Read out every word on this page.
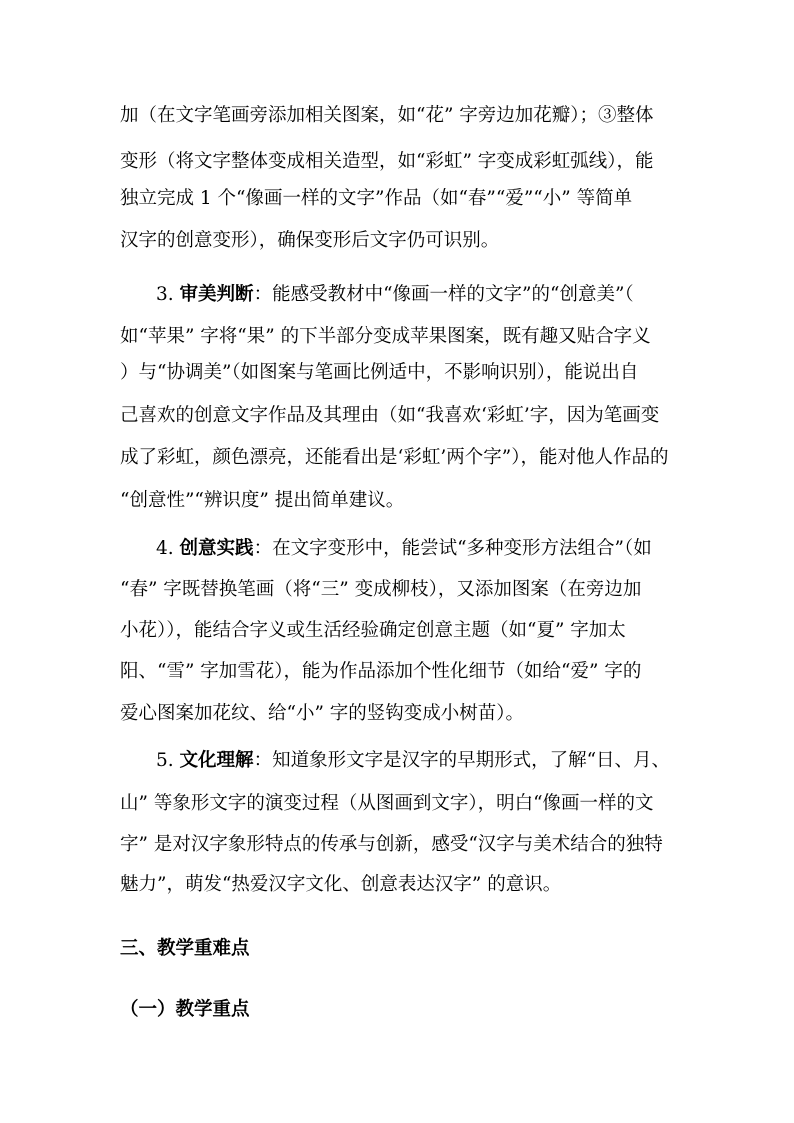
加（在文字笔画旁添加相关图案，如“花” 字旁边加花瓣）；③整体
变形（将文字整体变成相关造型，如“彩虹” 字变成彩虹弧线），能
独立完成 1 个“像画一样的文字”作品（如“春”“爱”“小” 等简单
汉字的创意变形），确保变形后文字仍可识别。
3. 审美判断：能感受教材中“像画一样的文字”的“创意美”（
如“苹果” 字将“果” 的下半部分变成苹果图案，既有趣又贴合字义
）与“协调美”（如图案与笔画比例适中，不影响识别），能说出自
己喜欢的创意文字作品及其理由（如“我喜欢‘彩虹’字，因为笔画变
成了彩虹，颜色漂亮，还能看出是‘彩虹’两个字”），能对他人作品的
“创意性”“辨识度” 提出简单建议。
4. 创意实践：在文字变形中，能尝试“多种变形方法组合”（如
“春” 字既替换笔画（将“三” 变成柳枝），又添加图案（在旁边加
小花）），能结合字义或生活经验确定创意主题（如“夏” 字加太
阳、“雪” 字加雪花），能为作品添加个性化细节（如给“爱” 字的
爱心图案加花纹、给“小” 字的竖钩变成小树苗）。
5. 文化理解：知道象形文字是汉字的早期形式，了解“日、月、
山” 等象形文字的演变过程（从图画到文字），明白“像画一样的文
字” 是对汉字象形特点的传承与创新，感受“汉字与美术结合的独特
魅力”，萌发“热爱汉字文化、创意表达汉字” 的意识。
三、教学重难点
（一）教学重点
